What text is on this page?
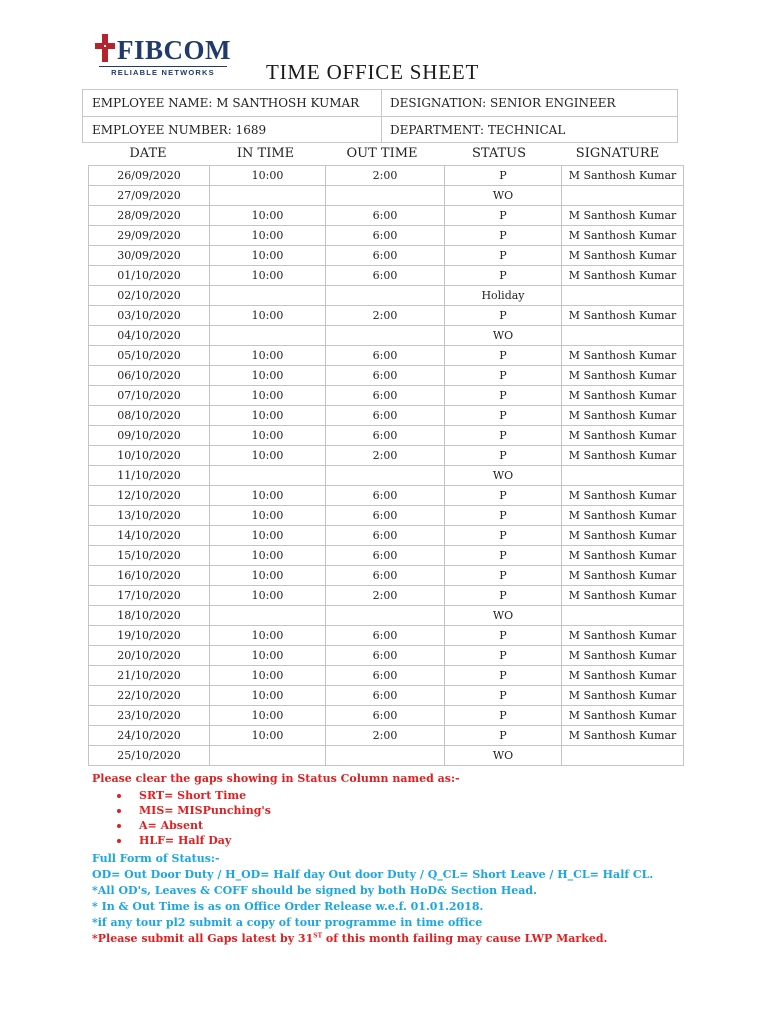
FIBCOM
RELIABLE NETWORKS	TIME OFFICE SHEET
EMPLOYEE NAME: M SANTHOSH KUMAR	DESIGNATION: SENIOR ENGINEER
EMPLOYEE NUMBER: 1689	DEPARTMENT: TECHNICAL
DATE	IN TIME	OUT TIME	STATUS	SIGNATURE
26/09/2020	10:00	2:00	P	M Santhosh Kumar
27/09/2020			WO	
28/09/2020	10:00	6:00	P	M Santhosh Kumar
29/09/2020	10:00	6:00	P	M Santhosh Kumar
30/09/2020	10:00	6:00	P	M Santhosh Kumar
01/10/2020	10:00	6:00	P	M Santhosh Kumar
02/10/2020			Holiday	
03/10/2020	10:00	2:00	P	M Santhosh Kumar
04/10/2020			WO	
05/10/2020	10:00	6:00	P	M Santhosh Kumar
06/10/2020	10:00	6:00	P	M Santhosh Kumar
07/10/2020	10:00	6:00	P	M Santhosh Kumar
08/10/2020	10:00	6:00	P	M Santhosh Kumar
09/10/2020	10:00	6:00	P	M Santhosh Kumar
10/10/2020	10:00	2:00	P	M Santhosh Kumar
11/10/2020			WO	
12/10/2020	10:00	6:00	P	M Santhosh Kumar
13/10/2020	10:00	6:00	P	M Santhosh Kumar
14/10/2020	10:00	6:00	P	M Santhosh Kumar
15/10/2020	10:00	6:00	P	M Santhosh Kumar
16/10/2020	10:00	6:00	P	M Santhosh Kumar
17/10/2020	10:00	2:00	P	M Santhosh Kumar
18/10/2020			WO	
19/10/2020	10:00	6:00	P	M Santhosh Kumar
20/10/2020	10:00	6:00	P	M Santhosh Kumar
21/10/2020	10:00	6:00	P	M Santhosh Kumar
22/10/2020	10:00	6:00	P	M Santhosh Kumar
23/10/2020	10:00	6:00	P	M Santhosh Kumar
24/10/2020	10:00	2:00	P	M Santhosh Kumar
25/10/2020			WO	
Please clear the gaps showing in Status Column named as:-
SRT= Short Time
MIS= MISPunching's
A= Absent
HLF= Half Day
Full Form of Status:-
OD= Out Door Duty / H_OD= Half day Out door Duty / Q_CL= Short Leave / H_CL= Half CL.
*All OD's, Leaves & COFF should be signed by both HoD& Section Head.
* In & Out Time is as on Office Order Release w.e.f. 01.01.2018.
*if any tour pl2 submit a copy of tour programme in time office
*Please submit all Gaps latest by 31ST of this month failing may cause LWP Marked.
